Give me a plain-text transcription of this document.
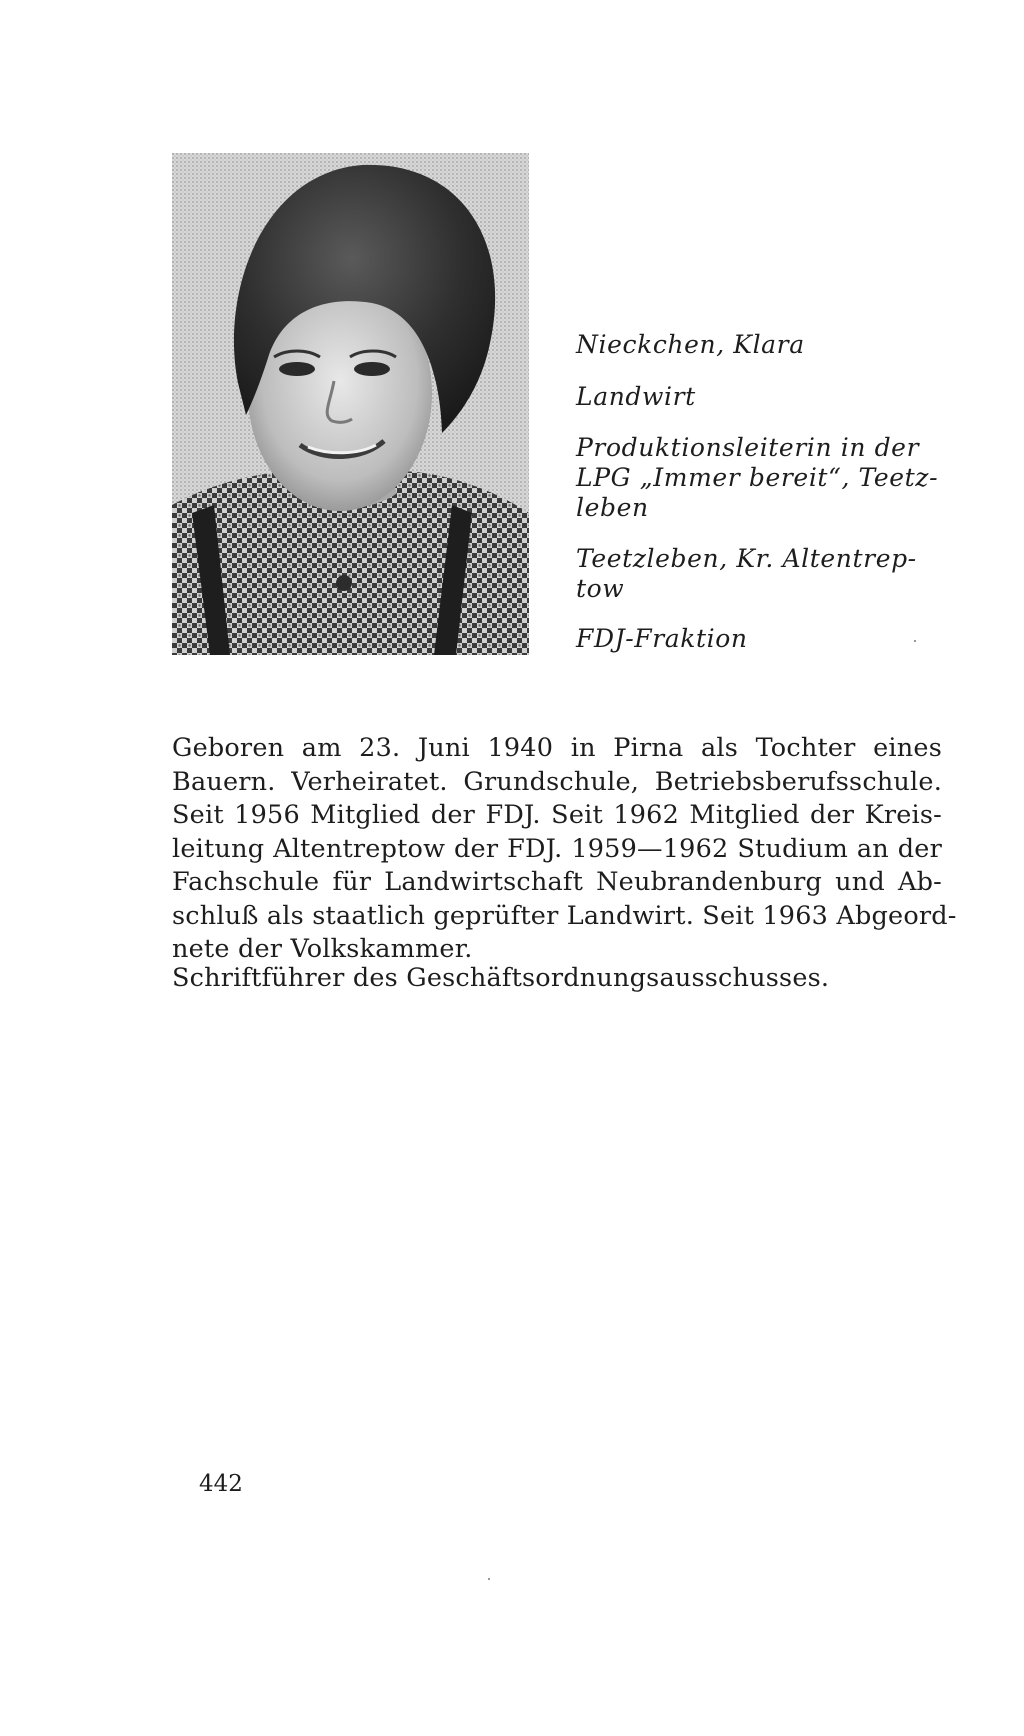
Nieckchen, Klara

Landwirt

Produktionsleiterin in der
LPG „Immer bereit“, Teetz-
leben

Teetzleben, Kr. Altentrep-
tow

FDJ-Fraktion

Geboren am 23. Juni 1940 in Pirna als Tochter eines
Bauern. Verheiratet. Grundschule, Betriebsberufsschule.
Seit 1956 Mitglied der FDJ. Seit 1962 Mitglied der Kreis-
leitung Altentreptow der FDJ. 1959—1962 Studium an der
Fachschule für Landwirtschaft Neubrandenburg und Ab-
schluß als staatlich geprüfter Landwirt. Seit 1963 Abgeord-
nete der Volkskammer.
Schriftführer des Geschäftsordnungsausschusses.
442
